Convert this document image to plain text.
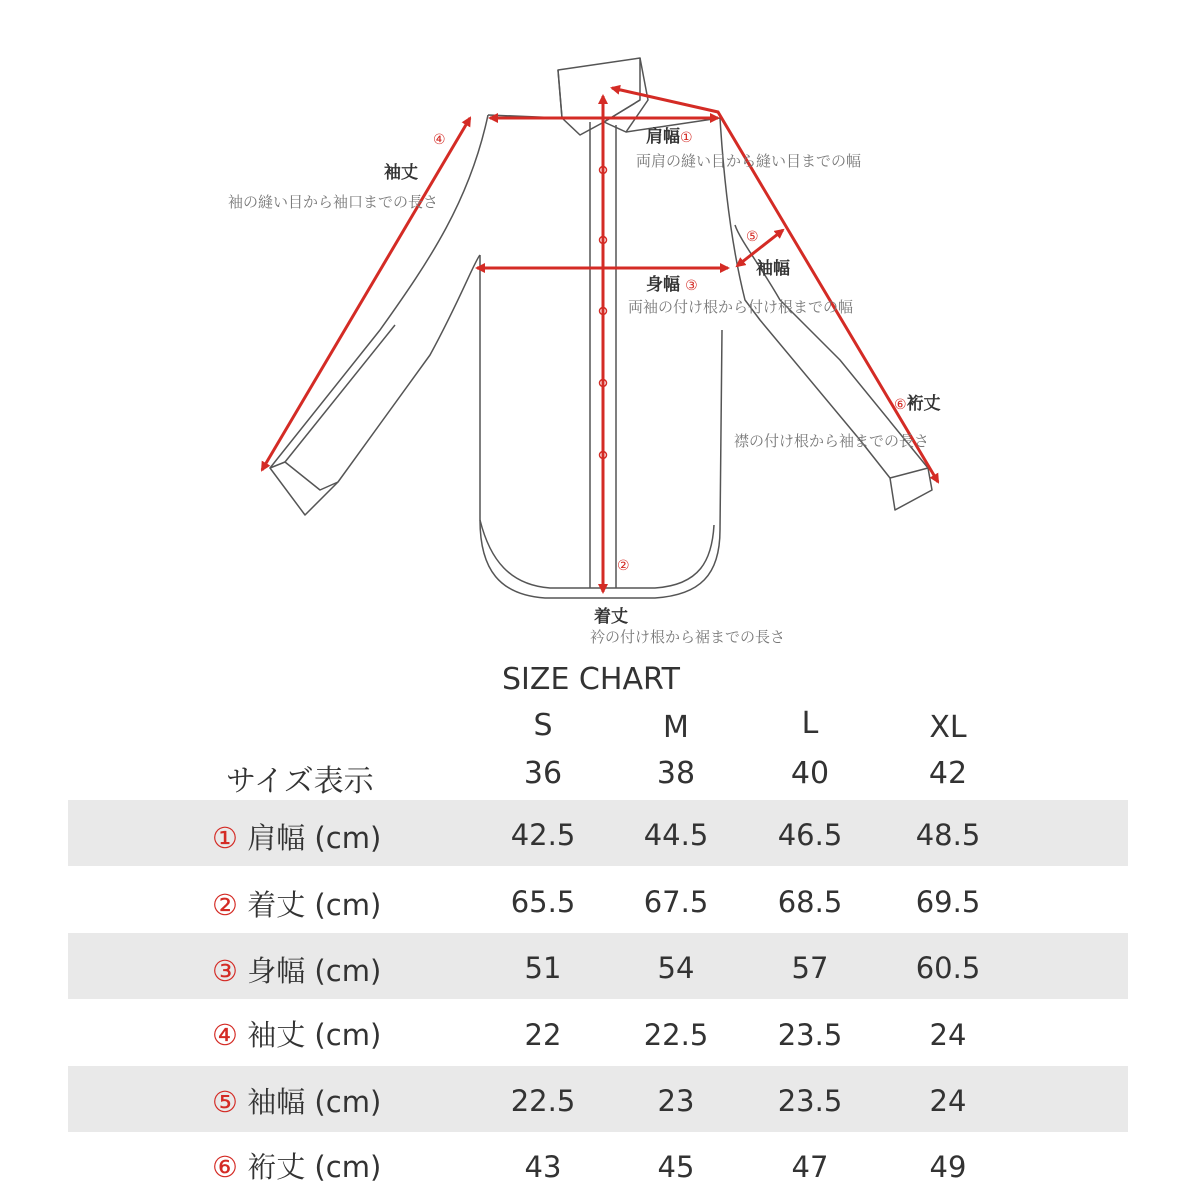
肩幅①
両肩の縫い目から縫い目までの幅
②
着丈
衿の付け根から裾までの長さ
身幅 ③
両袖の付け根から付け根までの幅
④
袖丈
袖の縫い目から袖口までの長さ
⑤
袖幅
⑥裄丈
襟の付け根から袖までの長さ
SIZE CHART
S	M	L	XL
サイズ表示	36	38	40	42
① 肩幅 (cm)	42.5	44.5	46.5	48.5
② 着丈 (cm)	65.5	67.5	68.5	69.5
③ 身幅 (cm)	51	54	57	60.5
④ 袖丈 (cm)	22	22.5	23.5	24
⑤ 袖幅 (cm)	22.5	23	23.5	24
⑥ 裄丈 (cm)	43	45	47	49
